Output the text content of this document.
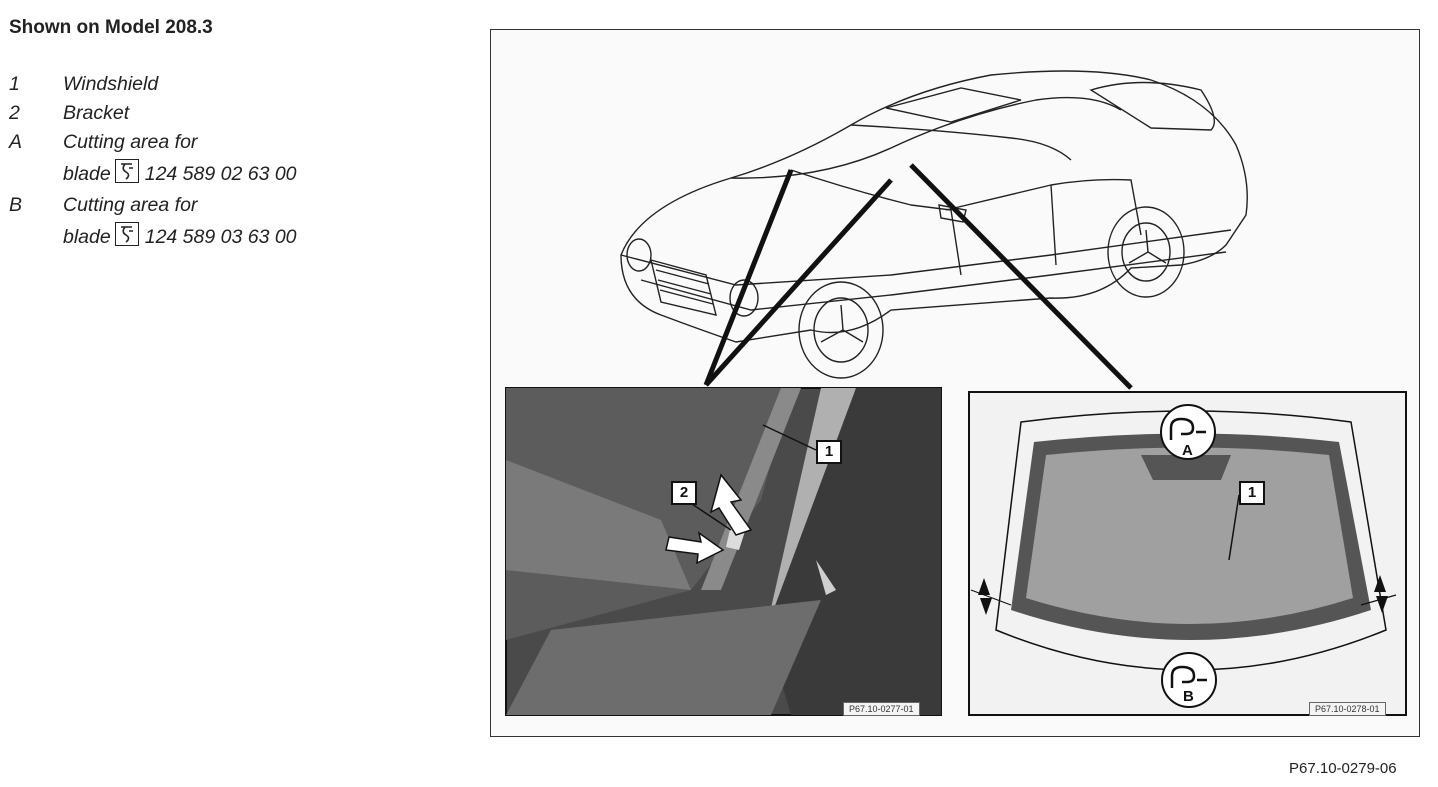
Shown on Model 208.3
1	Windshield
2	Bracket
A	Cutting area for
blade 124 589 02 63 00
B	Cutting area for
blade 124 589 03 63 00
1
2	1
A
B
P67.10-0277-01	P67.10-0278-01
P67.10-0279-06
